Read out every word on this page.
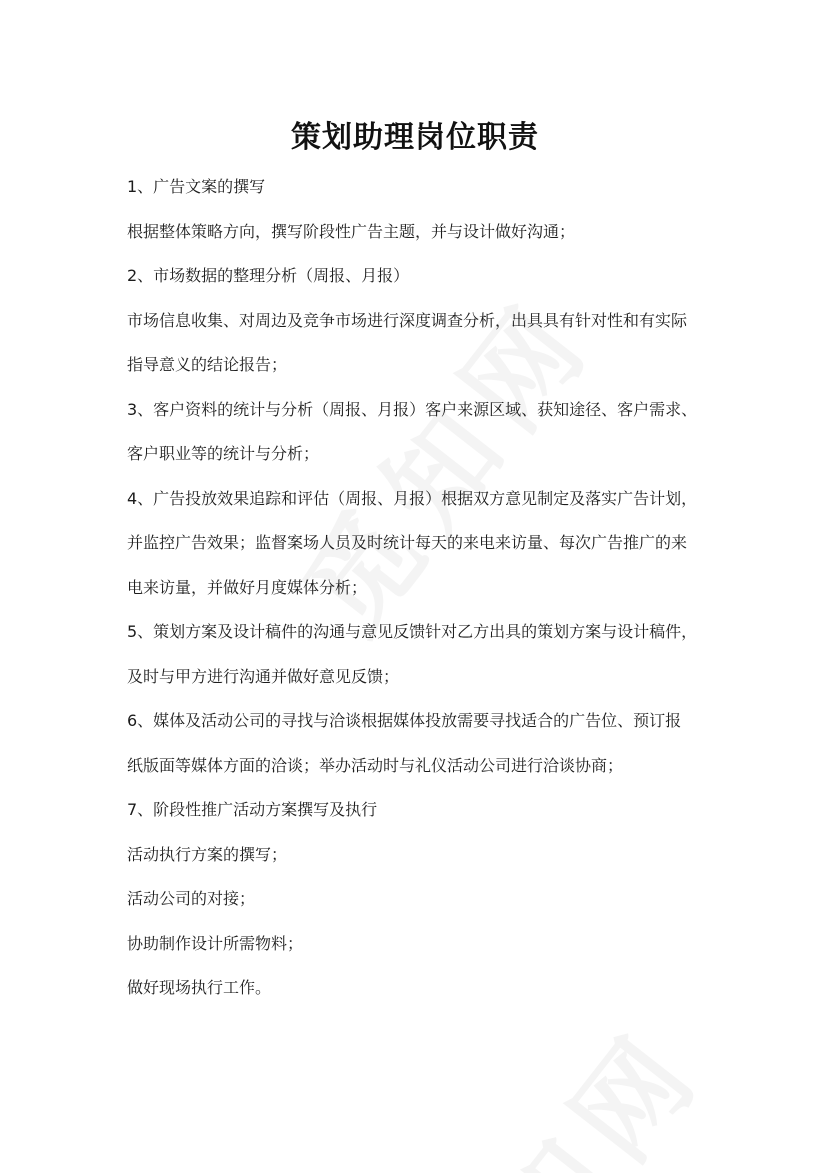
策划助理岗位职责
1、广告文案的撰写
根据整体策略方向，撰写阶段性广告主题，并与设计做好沟通；
2、市场数据的整理分析（周报、月报）
市场信息收集、对周边及竞争市场进行深度调查分析，出具具有针对性和有实际
指导意义的结论报告；
3、客户资料的统计与分析（周报、月报）客户来源区域、获知途径、客户需求、
客户职业等的统计与分析；
4、广告投放效果追踪和评估（周报、月报）根据双方意见制定及落实广告计划，
并监控广告效果；监督案场人员及时统计每天的来电来访量、每次广告推广的来
电来访量，并做好月度媒体分析；
5、策划方案及设计稿件的沟通与意见反馈针对乙方出具的策划方案与设计稿件，
及时与甲方进行沟通并做好意见反馈；
6、媒体及活动公司的寻找与洽谈根据媒体投放需要寻找适合的广告位、预订报
纸版面等媒体方面的洽谈；举办活动时与礼仪活动公司进行洽谈协商；
7、阶段性推广活动方案撰写及执行
活动执行方案的撰写；
活动公司的对接；
协助制作设计所需物料；
做好现场执行工作。
